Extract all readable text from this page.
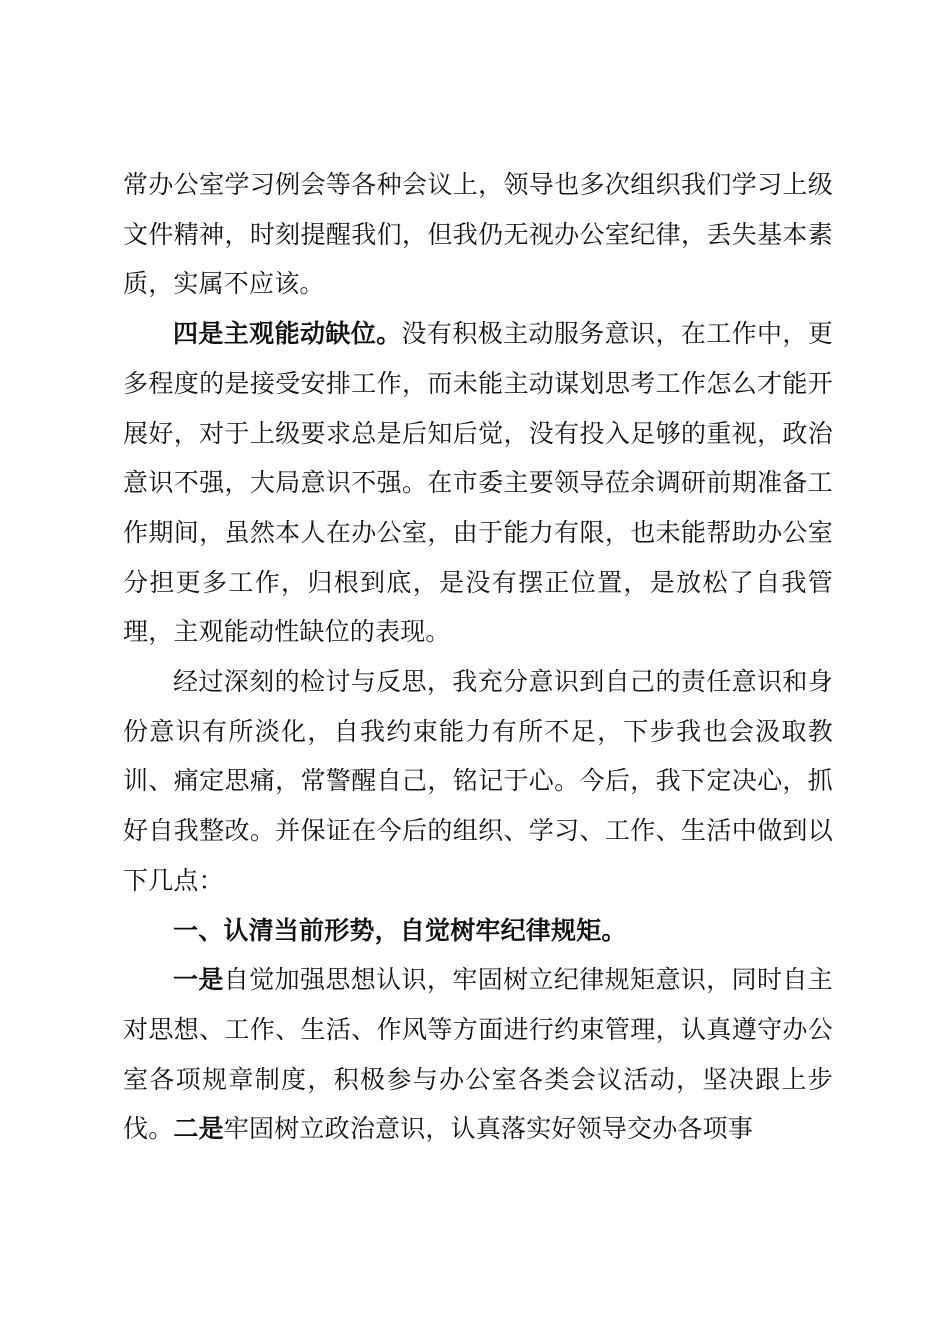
常办公室学习例会等各种会议上，领导也多次组织我们学习上级文件精神，时刻提醒我们，但我仍无视办公室纪律，丢失基本素质，实属不应该。

四是主观能动缺位。没有积极主动服务意识，在工作中，更多程度的是接受安排工作，而未能主动谋划思考工作怎么才能开展好，对于上级要求总是后知后觉，没有投入足够的重视，政治意识不强，大局意识不强。在市委主要领导莅余调研前期准备工作期间，虽然本人在办公室，由于能力有限，也未能帮助办公室分担更多工作，归根到底，是没有摆正位置，是放松了自我管理，主观能动性缺位的表现。

经过深刻的检讨与反思，我充分意识到自己的责任意识和身份意识有所淡化，自我约束能力有所不足，下步我也会汲取教训、痛定思痛，常警醒自己，铭记于心。今后，我下定决心，抓好自我整改。并保证在今后的组织、学习、工作、生活中做到以下几点：

一、认清当前形势，自觉树牢纪律规矩。

一是自觉加强思想认识，牢固树立纪律规矩意识，同时自主对思想、工作、生活、作风等方面进行约束管理，认真遵守办公室各项规章制度，积极参与办公室各类会议活动，坚决跟上步伐。二是牢固树立政治意识，认真落实好领导交办各项事
